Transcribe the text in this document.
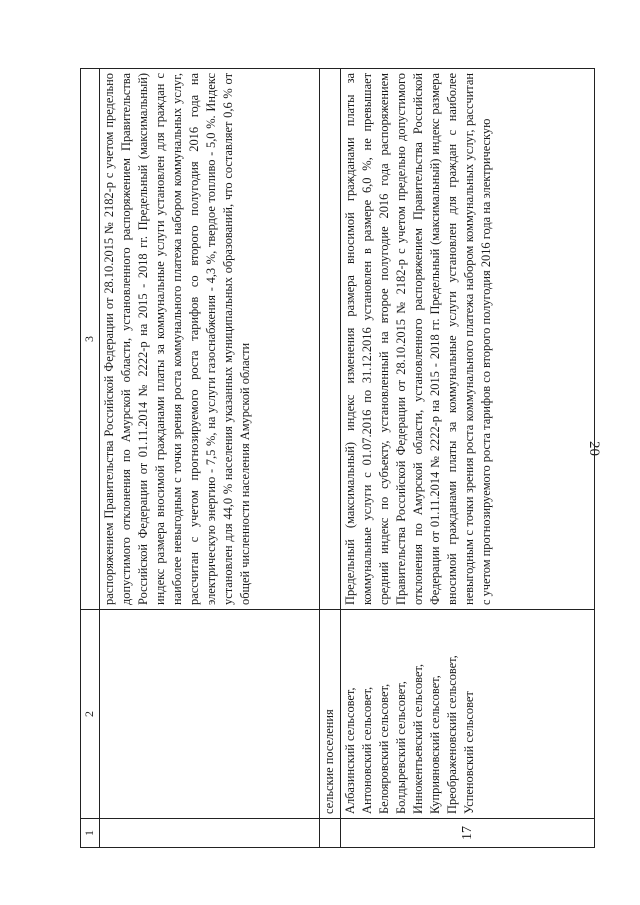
20
1	2	3
		распоряжением Правительства Российской Федерации от 28.10.2015 № 2182-р с учетом предельно допустимого отклонения по Амурской области, установленного распоряжением Правительства Российской Федерации от 01.11.2014 № 2222-р на 2015 - 2018 гг. Предельный (максимальный) индекс размера вносимой гражданами платы за коммунальные услуги установлен для граждан с наиболее невыгодным с точки зрения роста коммунального платежа набором коммунальных услуг, рассчитан с учетом прогнозируемого роста тарифов со второго полугодия 2016 года на электрическую энергию - 7,5 %, на услуги газоснабжения - 4,3 %, твердое топливо - 5,0 %. Индекс установлен для 44,0 % населения указанных муниципальных образований, что составляет 0,6 % от общей численности населения Амурской области
	сельские поселения	
17	Албазинский сельсовет, Антоновский сельсовет, Белояровский сельсовет, Болдыревский сельсовет, Иннокентьевский сельсовет, Куприяновский сельсовет, Преображеновский сельсовет, Успеновский сельсовет	Предельный (максимальный) индекс изменения размера вносимой гражданами платы за коммунальные услуги с 01.07.2016 по 31.12.2016 установлен в размере 6,0 %, не превышает средний индекс по субъекту, установленный на второе полугодие 2016 года распоряжением Правительства Российской Федерации от 28.10.2015 № 2182-р с учетом предельно допустимого отклонения по Амурской области, установленного распоряжением Правительства Российской Федерации от 01.11.2014 № 2222-р на 2015 - 2018 гг. Предельный (максимальный) индекс размера вносимой гражданами платы за коммунальные услуги установлен для граждан с наиболее невыгодным с точки зрения роста коммунального платежа набором коммунальных услуг, рассчитан с учетом прогнозируемого роста тарифов со второго полугодия 2016 года на электрическую
